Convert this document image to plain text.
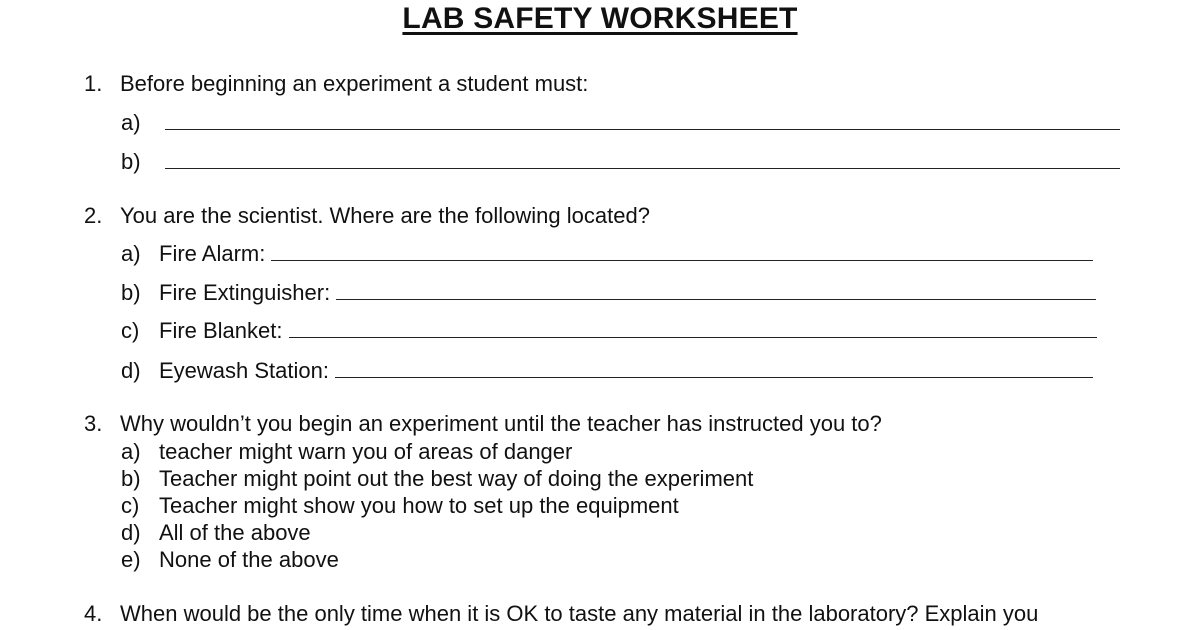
LAB SAFETY WORKSHEET
1. Before beginning an experiment a student must:
a)
b)
2. You are the scientist. Where are the following located?
a) Fire Alarm:
b) Fire Extinguisher:
c) Fire Blanket:
d) Eyewash Station:
3. Why wouldn’t you begin an experiment until the teacher has instructed you to?
a) teacher might warn you of areas of danger
b) Teacher might point out the best way of doing the experiment
c) Teacher might show you how to set up the equipment
d) All of the above
e) None of the above
4. When would be the only time when it is OK to taste any material in the laboratory? Explain you
